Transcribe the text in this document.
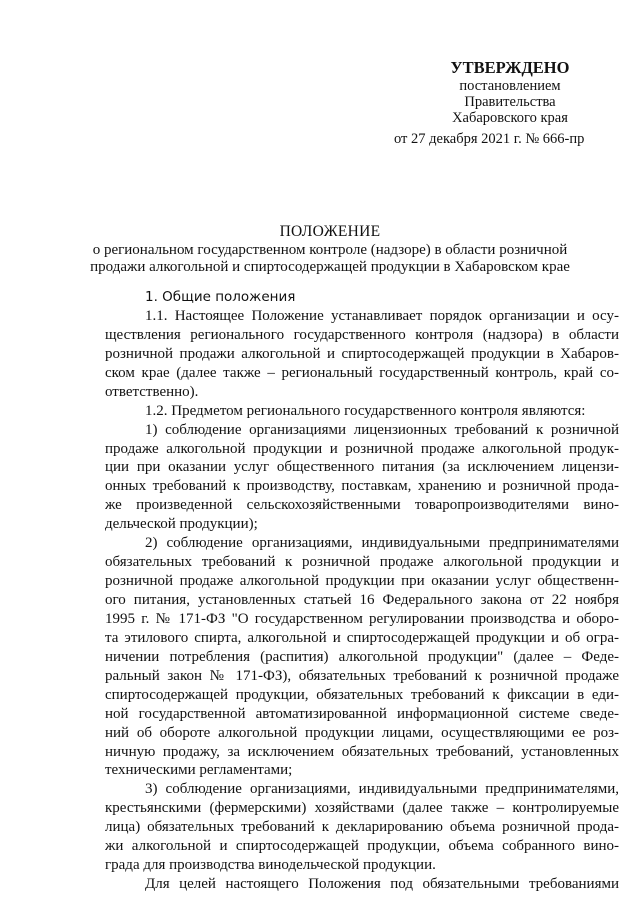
УТВЕРЖДЕНО
постановлением
Правительства
Хабаровского края
от 27 декабря 2021 г. № 666-пр
ПОЛОЖЕНИЕ
о региональном государственном контроле (надзоре) в области розничной
продажи алкогольной и спиртосодержащей продукции в Хабаровском крае
1. Общие положения
1.1. Настоящее Положение устанавливает порядок организации и осу-
ществления регионального государственного контроля (надзора) в области
розничной продажи алкогольной и спиртосодержащей продукции в Хабаров-
ском крае (далее также – региональный государственный контроль, край со-
ответственно).
1.2. Предметом регионального государственного контроля являются:
1) соблюдение организациями лицензионных требований к розничной
продаже алкогольной продукции и розничной продаже алкогольной продук-
ции при оказании услуг общественного питания (за исключением лицензи-
онных требований к производству, поставкам, хранению и розничной прода-
же произведенной сельскохозяйственными товаропроизводителями вино-
дельческой продукции);
2) соблюдение организациями, индивидуальными предпринимателями
обязательных требований к розничной продаже алкогольной продукции и
розничной продаже алкогольной продукции при оказании услуг общественн-
ого питания, установленных статьей 16 Федерального закона от 22 ноября
1995 г. № 171-ФЗ "О государственном регулировании производства и оборо-
та этилового спирта, алкогольной и спиртосодержащей продукции и об огра-
ничении потребления (распития) алкогольной продукции" (далее – Феде-
ральный закон № 171-ФЗ), обязательных требований к розничной продаже
спиртосодержащей продукции, обязательных требований к фиксации в еди-
ной государственной автоматизированной информационной системе сведе-
ний об обороте алкогольной продукции лицами, осуществляющими ее роз-
ничную продажу, за исключением обязательных требований, установленных
техническими регламентами;
3) соблюдение организациями, индивидуальными предпринимателями,
крестьянскими (фермерскими) хозяйствами (далее также – контролируемые
лица) обязательных требований к декларированию объема розничной прода-
жи алкогольной и спиртосодержащей продукции, объема собранного вино-
града для производства винодельческой продукции.
Для целей настоящего Положения под обязательными требованиями
